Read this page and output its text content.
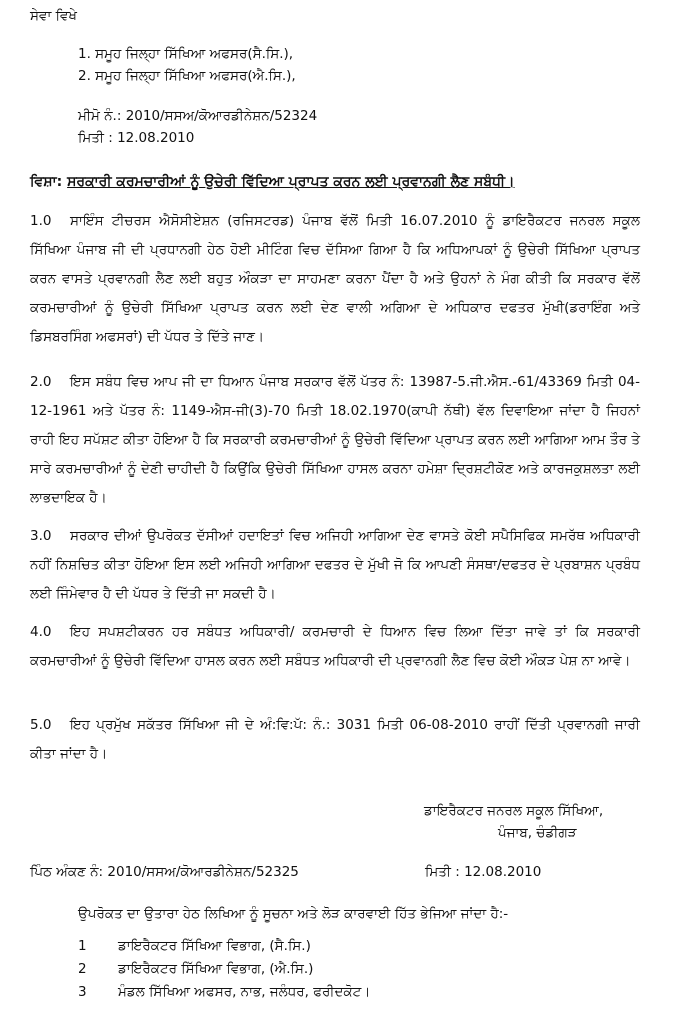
ਸੇਵਾ ਵਿਖੇ
1. ਸਮੂਹ ਜਿਲ੍ਹਾ ਸਿੱਖਿਆ ਅਫਸਰ(ਸੈ.ਸਿ.),
2. ਸਮੂਹ ਜਿਲ੍ਹਾ ਸਿੱਖਿਆ ਅਫਸਰ(ਐ.ਸਿ.),
ਮੀਮੋ ਨੰ.: 2010/ਸਸਅ/ਕੋਆਰਡੀਨੇਸ਼ਨ/52324
ਮਿਤੀ : 12.08.2010
ਵਿਸ਼ਾ: ਸਰਕਾਰੀ ਕਰਮਚਾਰੀਆਂ ਨੂੰ ਉਚੇਰੀ ਵਿੱਦਿਆ ਪ੍ਰਾਪਤ ਕਰਨ ਲਈ ਪ੍ਰਵਾਨਗੀ ਲੈਣ ਸਬੰਧੀ।
1.0 ਸਾਇੰਸ ਟੀਚਰਸ ਐਸੋਸੀਏਸ਼ਨ (ਰਜਿਸਟਰਡ) ਪੰਜਾਬ ਵੱਲੋਂ ਮਿਤੀ 16.07.2010 ਨੂੰ ਡਾਇਰੈਕਟਰ ਜਨਰਲ ਸਕੂਲ ਸਿੱਖਿਆ ਪੰਜਾਬ ਜੀ ਦੀ ਪ੍ਰਧਾਨਗੀ ਹੇਠ ਹੋਈ ਮੀਟਿੰਗ ਵਿਚ ਦੱਸਿਆ ਗਿਆ ਹੈ ਕਿ ਅਧਿਆਪਕਾਂ ਨੂੰ ਉਚੇਰੀ ਸਿੱਖਿਆ ਪ੍ਰਾਪਤ ਕਰਨ ਵਾਸਤੇ ਪ੍ਰਵਾਨਗੀ ਲੈਣ ਲਈ ਬਹੁਤ ਔਕੜਾ ਦਾ ਸਾਹਮਣਾ ਕਰਨਾ ਪੈਂਦਾ ਹੈ ਅਤੇ ਉਹਨਾਂ ਨੇ ਮੰਗ ਕੀਤੀ ਕਿ ਸਰਕਾਰ ਵੱਲੋਂ ਕਰਮਚਾਰੀਆਂ ਨੂੰ ਉਚੇਰੀ ਸਿੱਖਿਆ ਪ੍ਰਾਪਤ ਕਰਨ ਲਈ ਦੇਣ ਵਾਲੀ ਅਗਿਆ ਦੇ ਅਧਿਕਾਰ ਦਫਤਰ ਮੁੱਖੀ(ਡਰਾਇੰਗ ਅਤੇ ਡਿਸਬਰਸਿੰਗ ਅਫਸਰਾਂ) ਦੀ ਪੱਧਰ ਤੇ ਦਿੱਤੇ ਜਾਣ।
2.0 ਇਸ ਸਬੰਧ ਵਿਚ ਆਪ ਜੀ ਦਾ ਧਿਆਨ ਪੰਜਾਬ ਸਰਕਾਰ ਵੱਲੋਂ ਪੱਤਰ ਨੰ: 13987-5.ਜੀ.ਐਸ.-61/43369 ਮਿਤੀ 04-12-1961 ਅਤੇ ਪੱਤਰ ਨੰ: 1149-ਐਸ-ਜੀ(3)-70 ਮਿਤੀ 18.02.1970(ਕਾਪੀ ਨੱਥੀ) ਵੱਲ ਦਿਵਾਇਆ ਜਾਂਦਾ ਹੈ ਜਿਹਨਾਂ ਰਾਹੀ ਇਹ ਸਪੱਸ਼ਟ ਕੀਤਾ ਹੋਇਆ ਹੈ ਕਿ ਸਰਕਾਰੀ ਕਰਮਚਾਰੀਆਂ ਨੂੰ ਉਚੇਰੀ ਵਿੱਦਿਆ ਪ੍ਰਾਪਤ ਕਰਨ ਲਈ ਆਗਿਆ ਆਮ ਤੌਰ ਤੇ ਸਾਰੇ ਕਰਮਚਾਰੀਆਂ ਨੂੰ ਦੇਣੀ ਚਾਹੀਦੀ ਹੈ ਕਿਉਂਕਿ ਉਚੇਰੀ ਸਿੱਖਿਆ ਹਾਸਲ ਕਰਨਾ ਹਮੇਸ਼ਾ ਦ੍ਰਿਸ਼ਟੀਕੋਣ ਅਤੇ ਕਾਰਜਕੁਸ਼ਲਤਾ ਲਈ ਲਾਭਦਾਇਕ ਹੈ।
3.0 ਸਰਕਾਰ ਦੀਆਂ ਉਪਰੋਕਤ ਦੱਸੀਆਂ ਹਦਾਇਤਾਂ ਵਿਚ ਅਜਿਹੀ ਆਗਿਆ ਦੇਣ ਵਾਸਤੇ ਕੋਈ ਸਪੈਸਿਫਿਕ ਸਮਰੱਥ ਅਧਿਕਾਰੀ ਨਹੀਂ ਨਿਸ਼ਚਿਤ ਕੀਤਾ ਹੋਇਆ ਇਸ ਲਈ ਅਜਿਹੀ ਆਗਿਆ ਦਫਤਰ ਦੇ ਮੁੱਖੀ ਜੋ ਕਿ ਆਪਣੀ ਸੰਸਥਾ/ਦਫਤਰ ਦੇ ਪ੍ਰਬਾਸ਼ਨ ਪ੍ਰਬੰਧ ਲਈ ਜਿੰਮੇਵਾਰ ਹੈ ਦੀ ਪੱਧਰ ਤੇ ਦਿੱਤੀ ਜਾ ਸਕਦੀ ਹੈ।
4.0 ਇਹ ਸਪਸ਼ਟੀਕਰਨ ਹਰ ਸਬੰਧਤ ਅਧਿਕਾਰੀ/ ਕਰਮਚਾਰੀ ਦੇ ਧਿਆਨ ਵਿਚ ਲਿਆ ਦਿੱਤਾ ਜਾਵੇ ਤਾਂ ਕਿ ਸਰਕਾਰੀ ਕਰਮਚਾਰੀਆਂ ਨੂੰ ਉਚੇਰੀ ਵਿੱਦਿਆ ਹਾਸਲ ਕਰਨ ਲਈ ਸਬੰਧਤ ਅਧਿਕਾਰੀ ਦੀ ਪ੍ਰਵਾਨਗੀ ਲੈਣ ਵਿਚ ਕੋਈ ਔਕੜ ਪੇਸ਼ ਨਾ ਆਵੇ।
5.0 ਇਹ ਪ੍ਰਮੁੱਖ ਸਕੱਤਰ ਸਿੱਖਿਆ ਜੀ ਦੇ ਅੰ:ਵਿ:ਪੱ: ਨੰ.: 3031 ਮਿਤੀ 06-08-2010 ਰਾਹੀਂ ਦਿੱਤੀ ਪ੍ਰਵਾਨਗੀ ਜਾਰੀ ਕੀਤਾ ਜਾਂਦਾ ਹੈ।
ਡਾਇਰੈਕਟਰ ਜਨਰਲ ਸਕੂਲ ਸਿੱਖਿਆ,
ਪੰਜਾਬ, ਚੰਡੀਗੜ
ਪਿੰਠ ਅੰਕਣ ਨੰ: 2010/ਸਸਅ/ਕੋਆਰਡੀਨੇਸ਼ਨ/52325	ਮਿਤੀ : 12.08.2010
ਉਪਰੋਕਤ ਦਾ ਉਤਾਰਾ ਹੇਠ ਲਿਖਿਆ ਨੂੰ ਸੂਚਨਾ ਅਤੇ ਲੋੜ ਕਾਰਵਾਈ ਹਿੱਤ ਭੇਜਿਆ ਜਾਂਦਾ ਹੈ:-
1 ਡਾਇਰੈਕਟਰ ਸਿੱਖਿਆ ਵਿਭਾਗ, (ਸੈ.ਸਿ.)
2 ਡਾਇਰੈਕਟਰ ਸਿੱਖਿਆ ਵਿਭਾਗ, (ਐ.ਸਿ.)
3 ਮੰਡਲ ਸਿੱਖਿਆ ਅਫਸਰ, ਨਾਭ, ਜਲੰਧਰ, ਫਰੀਦਕੋਟ।
